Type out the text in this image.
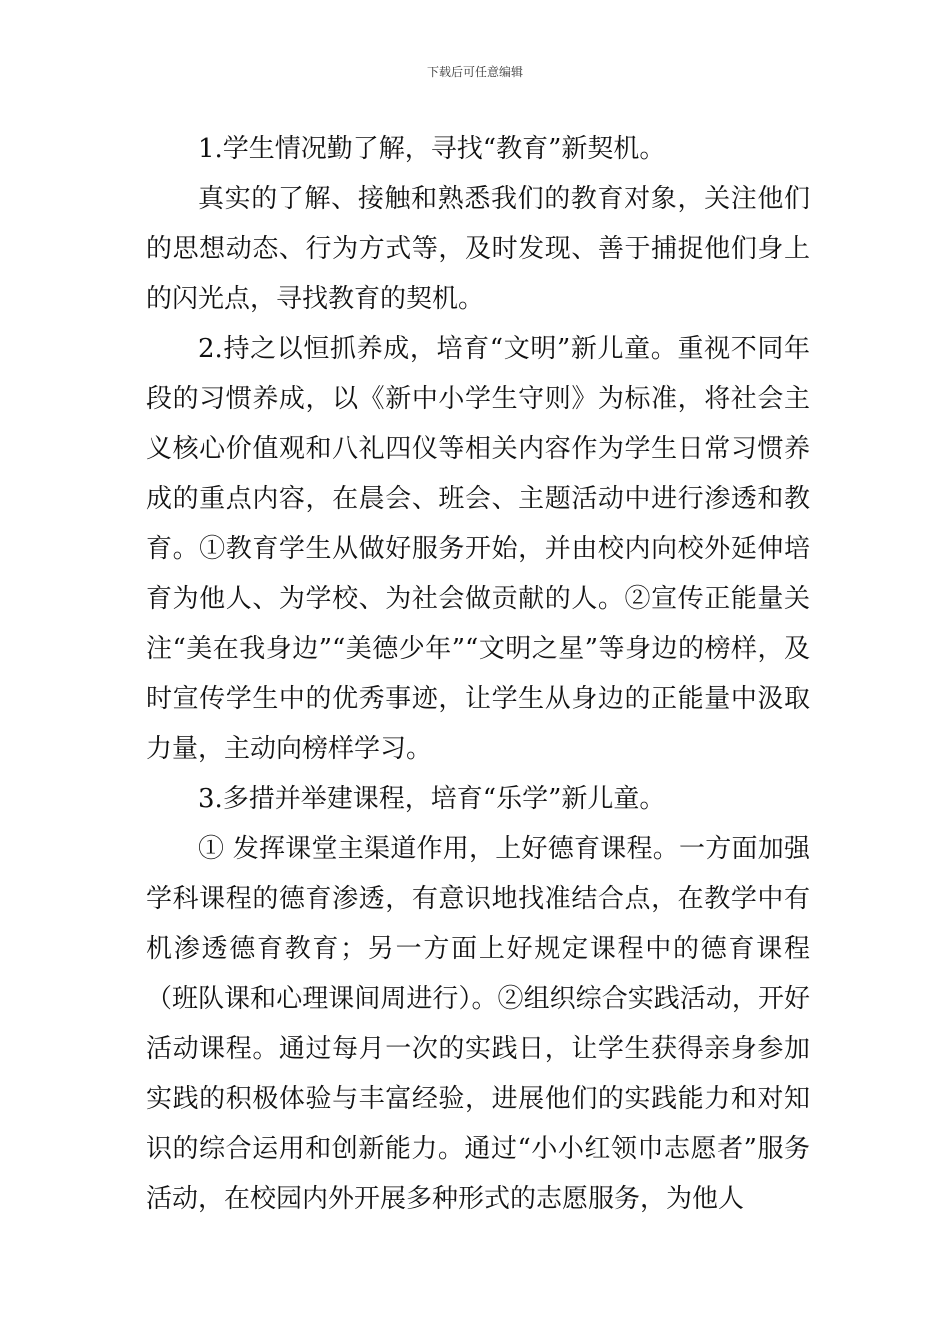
下载后可任意编辑

1.学生情况勤了解，寻找“教育”新契机。

真实的了解、接触和熟悉我们的教育对象，关注他们的思想动态、行为方式等，及时发现、善于捕捉他们身上的闪光点，寻找教育的契机。

2.持之以恒抓养成，培育“文明”新儿童。重视不同年段的习惯养成，以《新中小学生守则》为标准，将社会主义核心价值观和八礼四仪等相关内容作为学生日常习惯养成的重点内容，在晨会、班会、主题活动中进行渗透和教育。①教育学生从做好服务开始，并由校内向校外延伸培育为他人、为学校、为社会做贡献的人。②宣传正能量关注“美在我身边”“美德少年”“文明之星”等身边的榜样，及时宣传学生中的优秀事迹，让学生从身边的正能量中汲取力量，主动向榜样学习。

3.多措并举建课程，培育“乐学”新儿童。

① 发挥课堂主渠道作用，上好德育课程。一方面加强学科课程的德育渗透，有意识地找准结合点，在教学中有机渗透德育教育；另一方面上好规定课程中的德育课程（班队课和心理课间周进行）。②组织综合实践活动，开好活动课程。通过每月一次的实践日，让学生获得亲身参加实践的积极体验与丰富经验，进展他们的实践能力和对知识的综合运用和创新能力。通过“小小红领巾志愿者”服务活动，在校园内外开展多种形式的志愿服务，为他人
